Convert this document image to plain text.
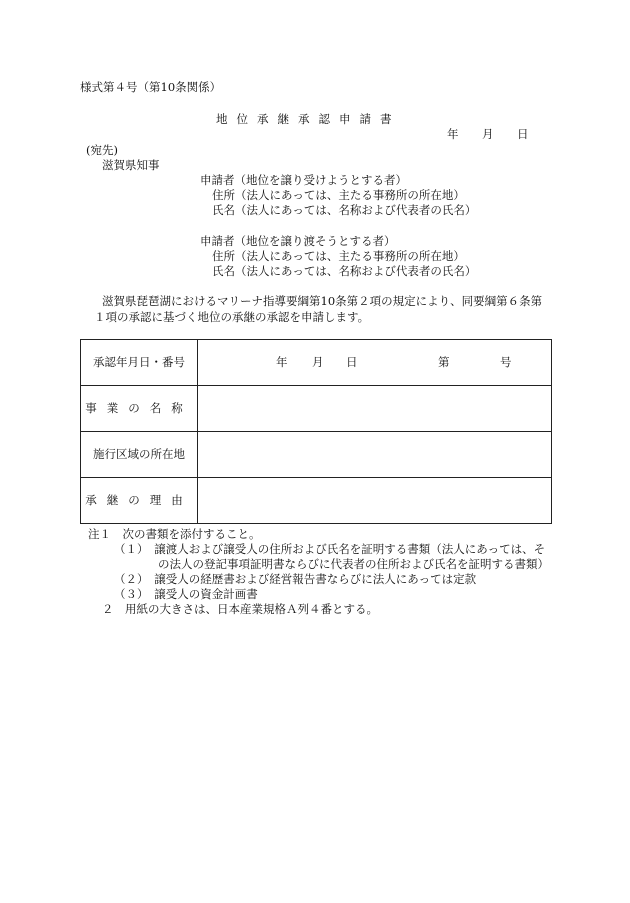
様式第４号（第10条関係）
地位承継承認申請書
年 月 日
(宛先)
滋賀県知事
申請者（地位を譲り受けようとする者）
住所（法人にあっては、主たる事務所の所在地）
氏名（法人にあっては、名称および代表者の氏名）
申請者（地位を譲り渡そうとする者）
住所（法人にあっては、主たる事務所の所在地）
氏名（法人にあっては、名称および代表者の氏名）
滋賀県琵琶湖におけるマリーナ指導要綱第10条第２項の規定により、同要綱第６条第
１項の承認に基づく地位の承継の承認を申請します。
承認年月日・番号	年 月 日 第 号

事業の名称	
施行区域の所在地	
承継の理由	
注１　次の書類を添付すること。
（１）　譲渡人および譲受人の住所および氏名を証明する書類（法人にあっては、そ
の法人の登記事項証明書ならびに代表者の住所および氏名を証明する書類）
（２）　譲受人の経歴書および経営報告書ならびに法人にあっては定款
（３）　譲受人の資金計画書
２　用紙の大きさは、日本産業規格Ａ列４番とする。
